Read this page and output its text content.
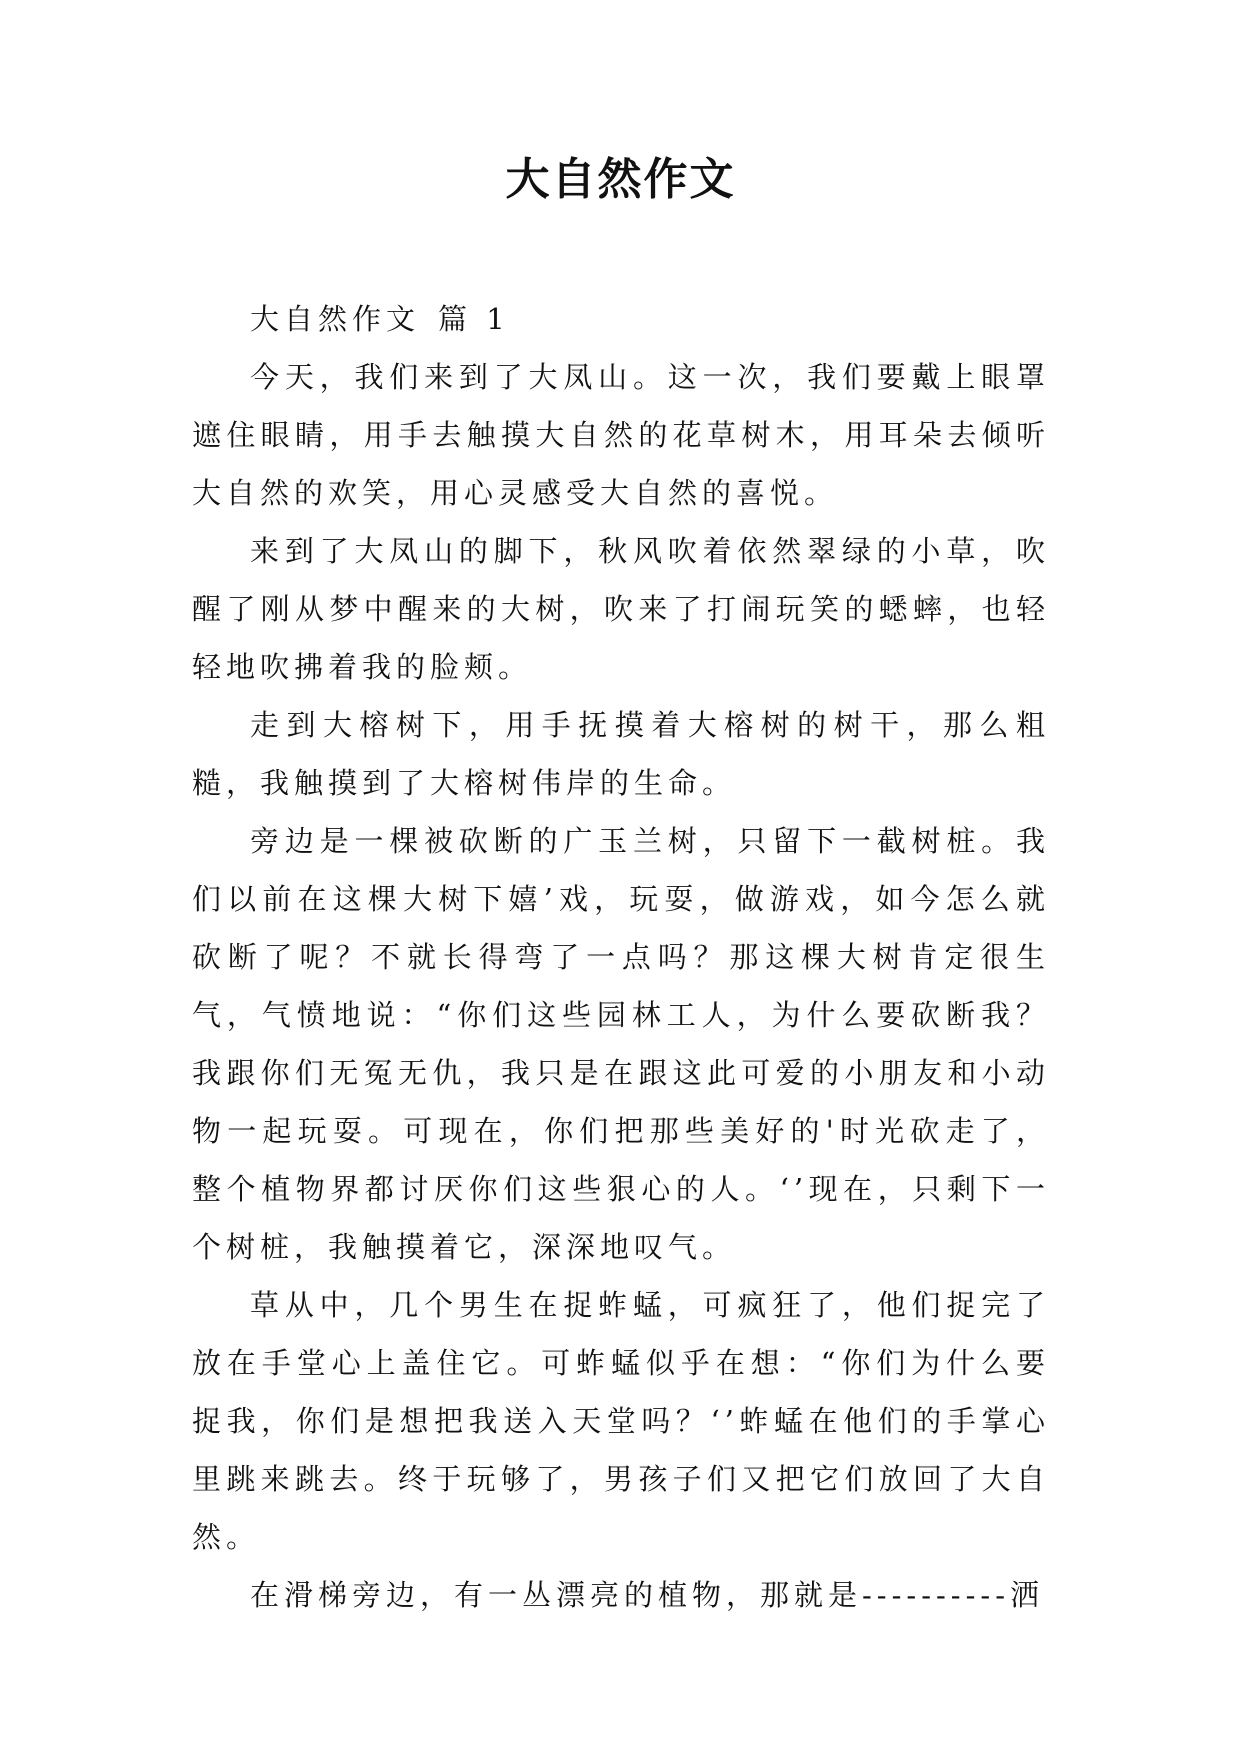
大自然作文
大自然作文 篇 1

今天，我们来到了大凤山。这一次，我们要戴上眼罩遮住眼睛，用手去触摸大自然的花草树木，用耳朵去倾听大自然的欢笑，用心灵感受大自然的喜悦。

来到了大凤山的脚下，秋风吹着依然翠绿的小草，吹醒了刚从梦中醒来的大树，吹来了打闹玩笑的蟋蟀，也轻轻地吹拂着我的脸颊。

走到大榕树下，用手抚摸着大榕树的树干，那么粗糙，我触摸到了大榕树伟岸的生命。

旁边是一棵被砍断的广玉兰树，只留下一截树桩。我们以前在这棵大树下嬉’戏，玩耍，做游戏，如今怎么就砍断了呢？不就长得弯了一点吗？那这棵大树肯定很生气，气愤地说：“你们这些园林工人，为什么要砍断我？我跟你们无冤无仇，我只是在跟这此可爱的小朋友和小动物一起玩耍。可现在，你们把那些美好的'时光砍走了，整个植物界都讨厌你们这些狠心的人。‘’现在，只剩下一个树桩，我触摸着它，深深地叹气。

草从中，几个男生在捉蚱蜢，可疯狂了，他们捉完了放在手堂心上盖住它。可蚱蜢似乎在想：“你们为什么要捉我，你们是想把我送入天堂吗？‘’蚱蜢在他们的手掌心里跳来跳去。终于玩够了，男孩子们又把它们放回了大自然。

在滑梯旁边，有一丛漂亮的植物，那就是----------洒
